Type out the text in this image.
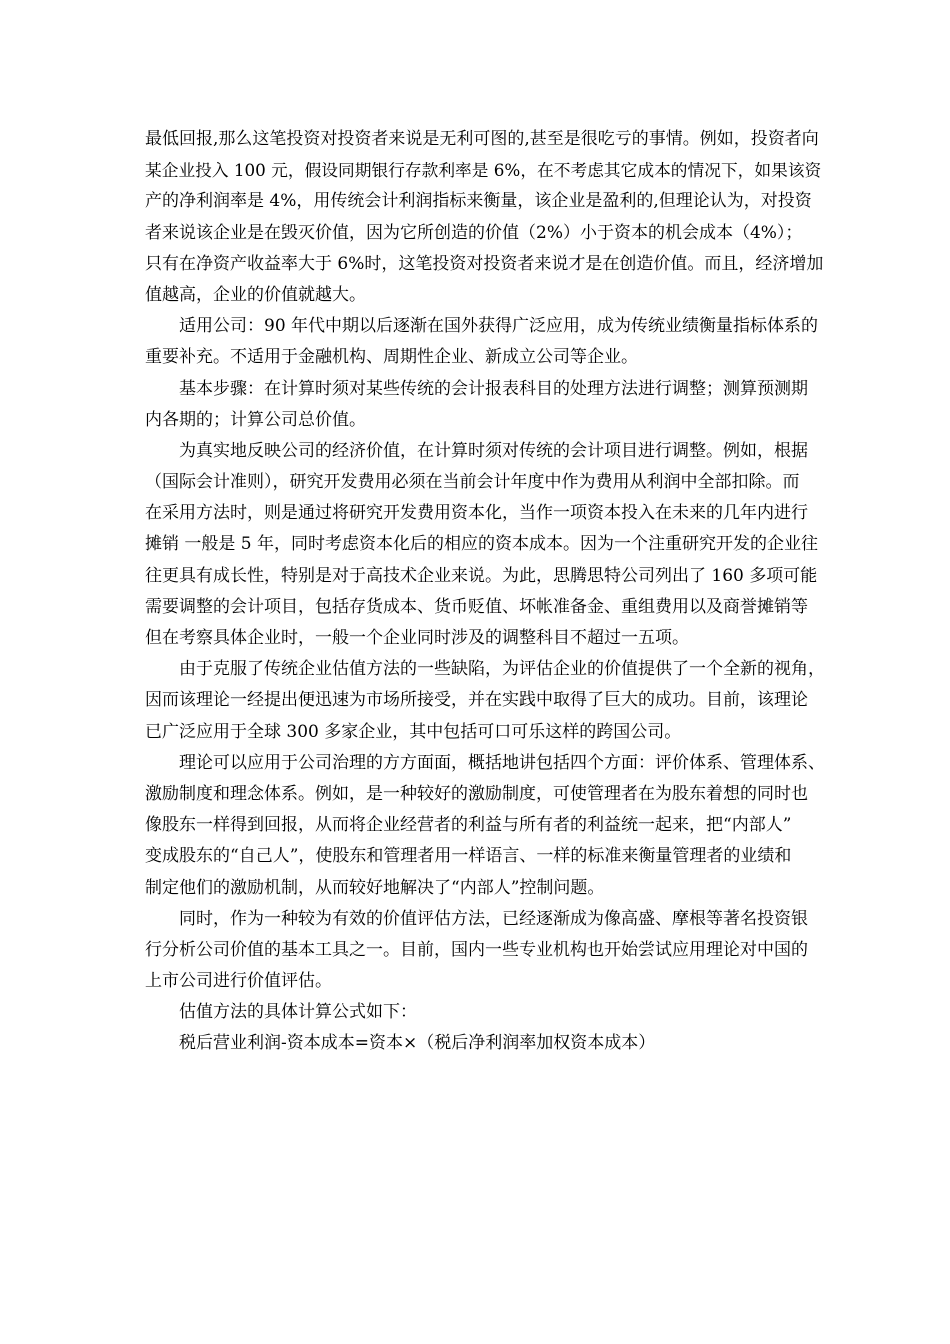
最低回报,那么这笔投资对投资者来说是无利可图的,甚至是很吃亏的事情。例如，投资者向
某企业投入 100 元，假设同期银行存款利率是 6%，在不考虑其它成本的情况下，如果该资
产的净利润率是 4%，用传统会计利润指标来衡量，该企业是盈利的,但理论认为，对投资
者来说该企业是在毁灭价值，因为它所创造的价值（2%）小于资本的机会成本（4%）；
只有在净资产收益率大于 6%时，这笔投资对投资者来说才是在创造价值。而且，经济增加
值越高，企业的价值就越大。
适用公司：90 年代中期以后逐渐在国外获得广泛应用，成为传统业绩衡量指标体系的
重要补充。不适用于金融机构、周期性企业、新成立公司等企业。
基本步骤：在计算时须对某些传统的会计报表科目的处理方法进行调整；测算预测期
内各期的；计算公司总价值。
为真实地反映公司的经济价值，在计算时须对传统的会计项目进行调整。例如，根据
（国际会计准则），研究开发费用必须在当前会计年度中作为费用从利润中全部扣除。而
在采用方法时，则是通过将研究开发费用资本化，当作一项资本投入在未来的几年内进行
摊销 一般是 5 年，同时考虑资本化后的相应的资本成本。因为一个注重研究开发的企业往
往更具有成长性，特别是对于高技术企业来说。为此，思腾思特公司列出了 160 多项可能
需要调整的会计项目，包括存货成本、货币贬值、坏帐准备金、重组费用以及商誉摊销等
但在考察具体企业时，一般一个企业同时涉及的调整科目不超过一五项。
由于克服了传统企业估值方法的一些缺陷，为评估企业的价值提供了一个全新的视角，
因而该理论一经提出便迅速为市场所接受，并在实践中取得了巨大的成功。目前，该理论
已广泛应用于全球 300 多家企业，其中包括可口可乐这样的跨国公司。
理论可以应用于公司治理的方方面面，概括地讲包括四个方面：评价体系、管理体系、
激励制度和理念体系。例如，是一种较好的激励制度，可使管理者在为股东着想的同时也
像股东一样得到回报，从而将企业经营者的利益与所有者的利益统一起来，把“内部人”
变成股东的“自己人”，使股东和管理者用一样语言、一样的标准来衡量管理者的业绩和
制定他们的激励机制，从而较好地解决了“内部人”控制问题。
同时，作为一种较为有效的价值评估方法，已经逐渐成为像高盛、摩根等著名投资银
行分析公司价值的基本工具之一。目前，国内一些专业机构也开始尝试应用理论对中国的
上市公司进行价值评估。
估值方法的具体计算公式如下：
税后营业利润-资本成本=资本×（税后净利润率加权资本成本）
